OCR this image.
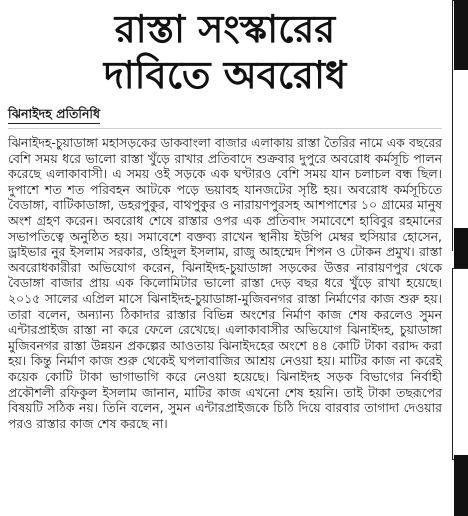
রাস্তা সংস্কারের
দাবিতে অবরোধ
ঝিনাইদহ প্রতিনিধি

ঝিনাইদহ-চুয়াডাঙ্গা মহাসড়কের ডাকবাংলা বাজার এলাকায় রাস্তা তৈরির নামে এক বছরের বেশি সময় ধরে ভালো রাস্তা খুঁড়ে রাখার প্রতিবাদে শুক্রবার দুপুরে অবরোধ কর্মসূচি পালন করেছে এলাকাবাসী। এ সময় ওই সড়কে এক ঘণ্টারও বেশি সময় যান চলাচল বন্ধ ছিল। দুপাশে শত শত পরিবহন আটকে পড়ে ভয়াবহ যানজটের সৃষ্টি হয়। অবরোধ কর্মসূচিতে বৈডাঙ্গা, বাটিকাডাঙ্গা, ডহরপুকুর, বাথপুকুর ও নারায়ণপুরসহ আশপাশের ১০ গ্রামের মানুষ অংশ গ্রহণ করেন। অবরোধ শেষে রাস্তার ওপর এক প্রতিবাদ সমাবেশে হাবিবুর রহমানের সভাপতিত্বে অনুষ্ঠিত হয়। সমাবেশে বক্তব্য রাখেন স্থানীয় ইউপি মেম্বর হুসিয়ার হোসেন, ড্রাইভার নুর ইসলাম সরকার, ওহিদুল ইসলাম, রাজু আহম্মেদ শিপন ও টোকন প্রমুখ। রাস্তা অবরোধকারীরা অভিযোগ করেন, ঝিনাইদহ-চুয়াডাঙ্গা সড়কের উত্তর নারায়ণপুর থেকে বৈডাঙ্গা বাজার প্রায় এক কিলোমিটার ভালো রাস্তা দেড় বছর ধরে খুঁড়ে রাখা হয়েছে। ২০১৫ সালের এপ্রিল মাসে ঝিনাইদহ-চুয়াডাঙ্গা-মুজিবনগর রাস্তা নির্মাণের কাজ শুরু হয়। তারা বলেন, অন্যান্য ঠিকাদার রাস্তার বিভিন্ন অংশের নির্মাণ কাজ শেষ করলেও সুমন এন্টারপ্রাইজ রাস্তা না করে ফেলে রেখেছে। এলাকাবাসীর অভিযোগ ঝিনাইদহ, চুয়াডাঙ্গা মুজিবনগর রাস্তা উন্নয়ন প্রকল্পের আওতায় ঝিনাইদহের অংশে ৪৪ কোটি টাকা বরাদ্দ করা হয়। কিন্তু নির্মাণ কাজ শুরু থেকেই ঘপলাবাজির আশ্রয় নেওয়া হয়। মাটির কাজ না করেই কয়েক কোটি টাকা ভাগাভাগি করে নেওয়া হয়েছে। ঝিনাইদহ সড়ক বিভাগের নির্বাহী প্রকৌশলী রফিকুল ইসলাম জানান, মাটির কাজ এখনো শেষ হয়নি। তাই টাকা তছরূপের বিষয়টি সঠিক নয়। তিনি বলেন, সুমন এন্টারপ্রাইজকে চিঠি দিয়ে বারবার তাগাদা দেওয়ার পরও রাস্তার কাজ শেষ করছে না।
